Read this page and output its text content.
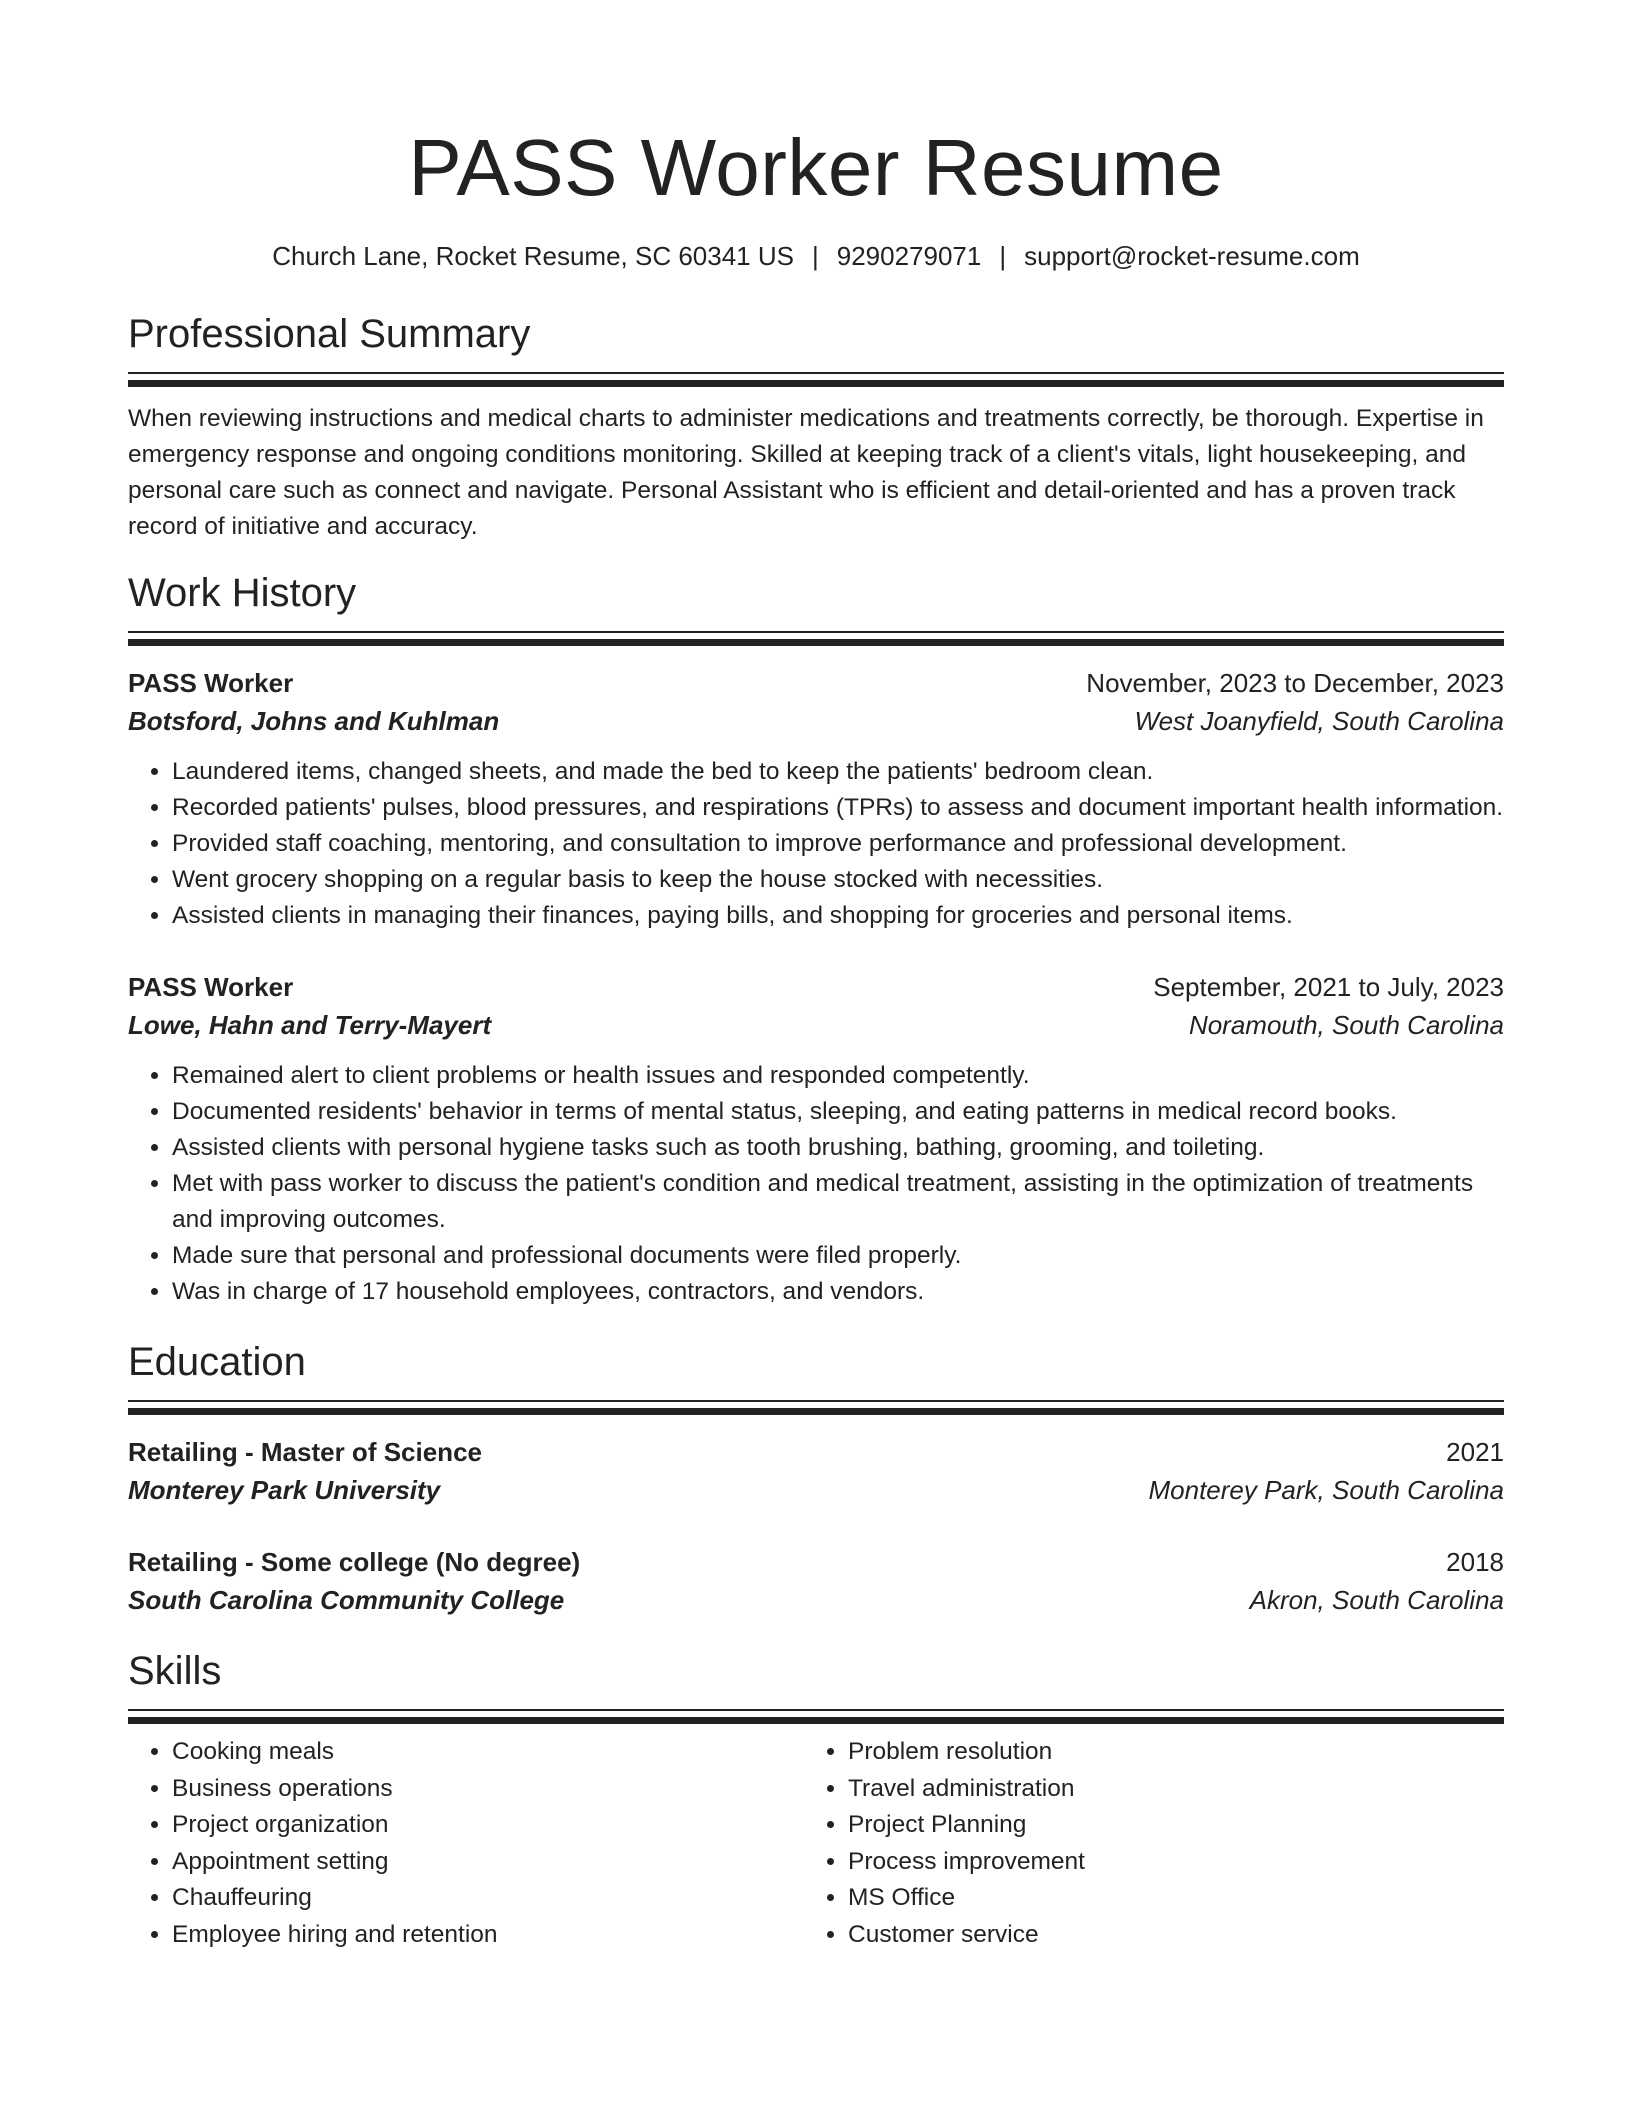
PASS Worker Resume
Church Lane, Rocket Resume, SC 60341 US | 9290279071 | support@rocket-resume.com
Professional Summary
When reviewing instructions and medical charts to administer medications and treatments correctly, be thorough. Expertise in emergency response and ongoing conditions monitoring. Skilled at keeping track of a client's vitals, light housekeeping, and personal care such as connect and navigate. Personal Assistant who is efficient and detail-oriented and has a proven track record of initiative and accuracy.
Work History
PASS Worker	November, 2023 to December, 2023
Botsford, Johns and Kuhlman	West Joanyfield, South Carolina
• Laundered items, changed sheets, and made the bed to keep the patients' bedroom clean.
• Recorded patients' pulses, blood pressures, and respirations (TPRs) to assess and document important health information.
• Provided staff coaching, mentoring, and consultation to improve performance and professional development.
• Went grocery shopping on a regular basis to keep the house stocked with necessities.
• Assisted clients in managing their finances, paying bills, and shopping for groceries and personal items.
PASS Worker	September, 2021 to July, 2023
Lowe, Hahn and Terry-Mayert	Noramouth, South Carolina
• Remained alert to client problems or health issues and responded competently.
• Documented residents' behavior in terms of mental status, sleeping, and eating patterns in medical record books.
• Assisted clients with personal hygiene tasks such as tooth brushing, bathing, grooming, and toileting.
• Met with pass worker to discuss the patient's condition and medical treatment, assisting in the optimization of treatments and improving outcomes.
• Made sure that personal and professional documents were filed properly.
• Was in charge of 17 household employees, contractors, and vendors.
Education
Retailing - Master of Science	2021
Monterey Park University	Monterey Park, South Carolina
Retailing - Some college (No degree)	2018
South Carolina Community College	Akron, South Carolina
Skills
• Cooking meals
• Business operations
• Project organization
• Appointment setting
• Chauffeuring
• Employee hiring and retention
• Problem resolution
• Travel administration
• Project Planning
• Process improvement
• MS Office
• Customer service
